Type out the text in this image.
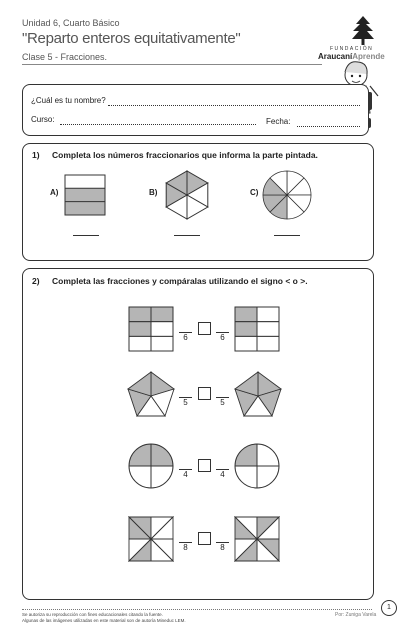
Unidad 6, Cuarto Básico
"Reparto enteros equitativamente"
Clase 5 - Fracciones.
FUNDACIÓN
AraucaníAprende
¿Cuál es tu nombre?
Curso:	Fecha:
1) Completa los números fraccionarios que informa la parte pintada.
A)	B)	C)
2) Completa las fracciones y compáralas utilizando el signo < o >.
6	6
5	5
4	4
8	8
Se autoriza su reproducción con fines educacionales citando la fuente.
Algunas de las imágenes utilizadas en este material son de autoría Mineduc LEM.
Por: Zuniga Varela
1
